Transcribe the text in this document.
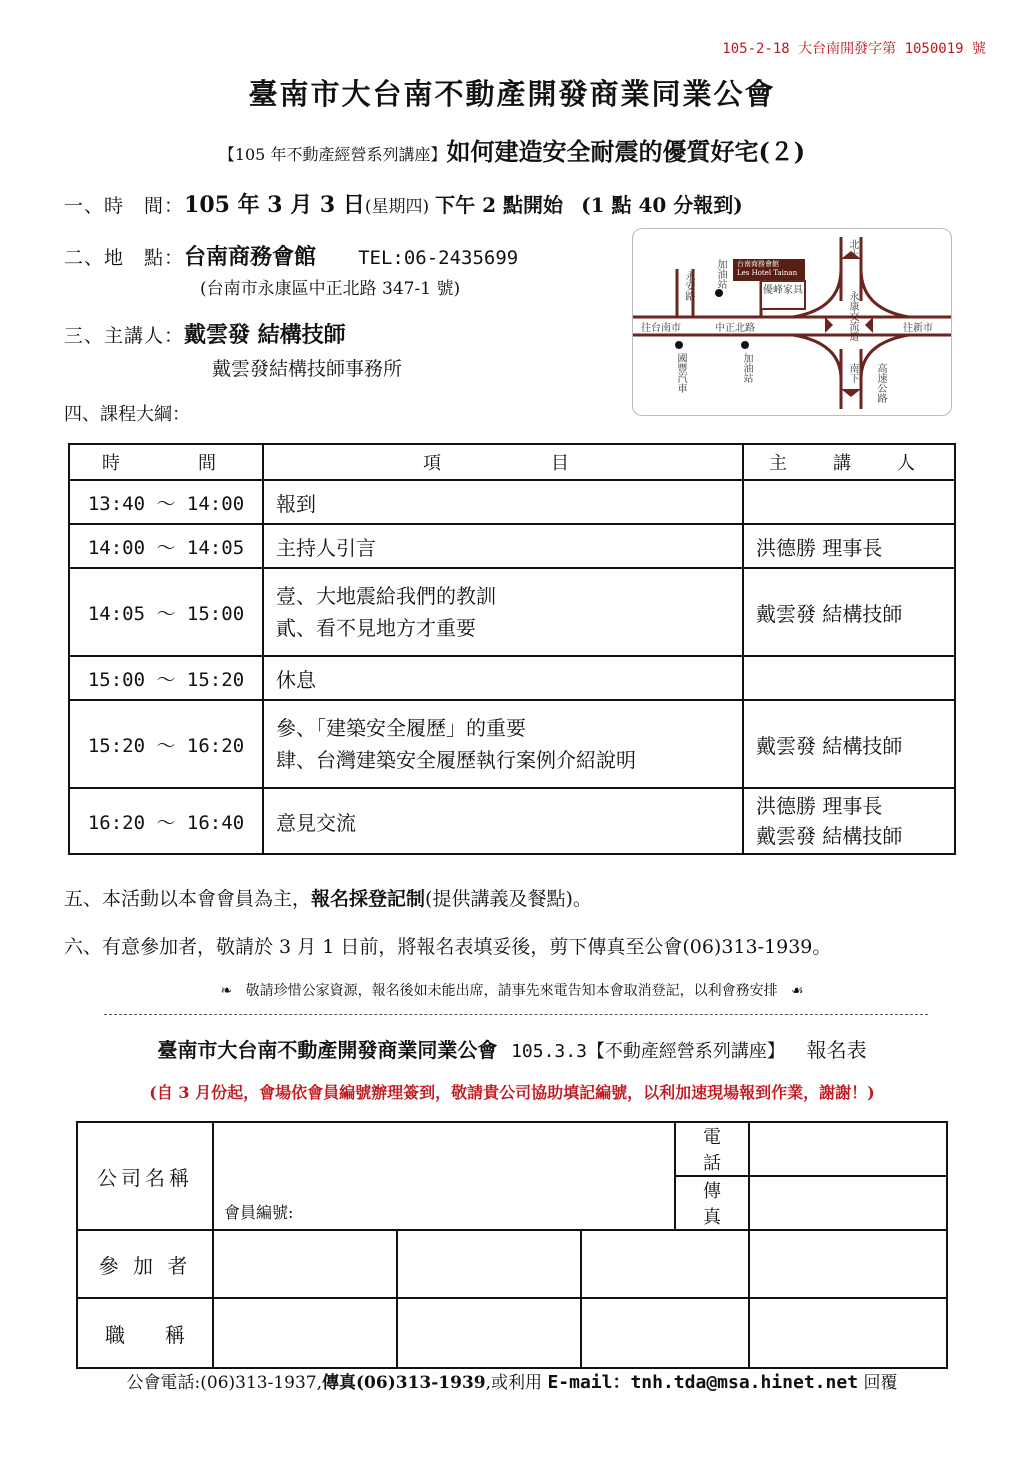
105-2-18 大台南開發字第 1050019 號
臺南市大台南不動產開發商業同業公會
【105 年不動產經營系列講座】如何建造安全耐震的優質好宅(２)
一、時　間：105 年 3 月 3 日(星期四) 下午 2 點開始 (1 點 40 分報到)
二、地　點：台南商務會館 TEL:06-2435699
(台南市永康區中正北路 347-1 號)
三、主講人：戴雲發 結構技師
戴雲發結構技師事務所
四、課程大綱：
台南商務會館
Les Hotel Tainan
永安路 加油站
優峰家具
北上
永康交流道
往台南市	中正北路	往新市
國豐汽車	加油站	南下 高速公路
時　　間	項　　　目	主　講　人
13:40 ～ 14:00	報到	

14:00 ～ 14:05	主持人引言	洪德勝 理事長

14:05 ～ 15:00	壹、大地震給我們的教訓
貳、看不見地方才重要	戴雲發 結構技師

15:00 ～ 15:20	休息	

15:20 ～ 16:20	參、「建築安全履歷」的重要
肆、台灣建築安全履歷執行案例介紹說明	戴雲發 結構技師

16:20 ～ 16:40	意見交流	洪德勝 理事長
戴雲發 結構技師
五、本活動以本會會員為主，報名採登記制(提供講義及餐點)。
六、有意參加者，敬請於 3 月 1 日前，將報名表填妥後，剪下傳真至公會(06)313-1939。
❧   敬請珍惜公家資源，報名後如未能出席，請事先來電告知本會取消登記，以利會務安排   ☙
臺南市大台南不動產開發商業同業公會 105.3.3【不動產經營系列講座】 報名表
(自 3 月份起，會場依會員編號辦理簽到，敬請貴公司協助填記編號，以利加速現場報到作業，謝謝！)
公司名稱	會員編號:			電　話	
				傳　真	
參 加 者					
職　　稱					
公會電話:(06)313-1937,傳真(06)313-1939,或利用 E-mail：tnh.tda@msa.hinet.net 回覆
